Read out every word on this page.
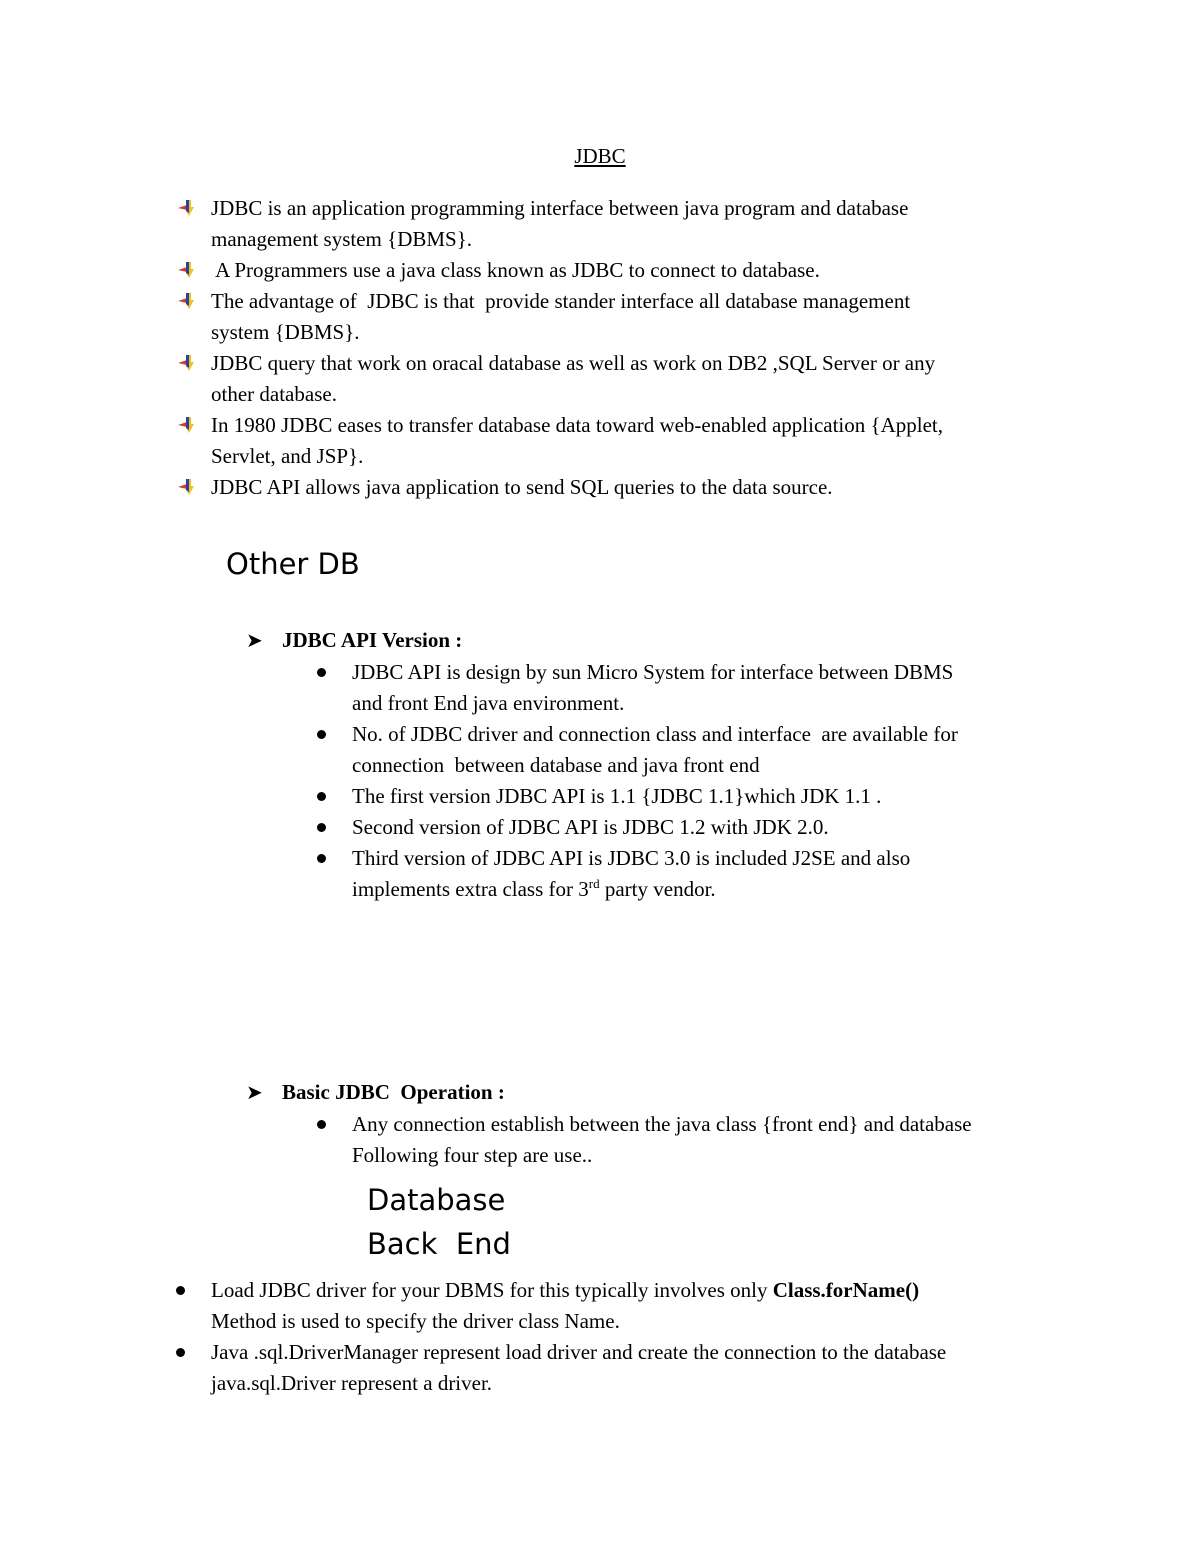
JDBC
JDBC is an application programming interface between java program and database
management system {DBMS}.
A Programmers use a java class known as JDBC to connect to database.
The advantage of  JDBC is that  provide stander interface all database management
system {DBMS}.
JDBC query that work on oracal database as well as work on DB2 ,SQL Server or any
other database.
In 1980 JDBC eases to transfer database data toward web-enabled application {Applet,
Servlet, and JSP}.
JDBC API allows java application to send SQL queries to the data source.
Other DB
➤ JDBC API Version :
JDBC API is design by sun Micro System for interface between DBMS
and front End java environment.
No. of JDBC driver and connection class and interface  are available for
connection  between database and java front end
The first version JDBC API is 1.1 {JDBC 1.1}which JDK 1.1 .
Second version of JDBC API is JDBC 1.2 with JDK 2.0.
Third version of JDBC API is JDBC 3.0 is included J2SE and also
implements extra class for 3rd party vendor.
➤ Basic JDBC  Operation :
Any connection establish between the java class {front end} and database
Following four step are use..
Database
Back  End
Load JDBC driver for your DBMS for this typically involves only Class.forName()
Method is used to specify the driver class Name.
Java .sql.DriverManager represent load driver and create the connection to the database
java.sql.Driver represent a driver.
